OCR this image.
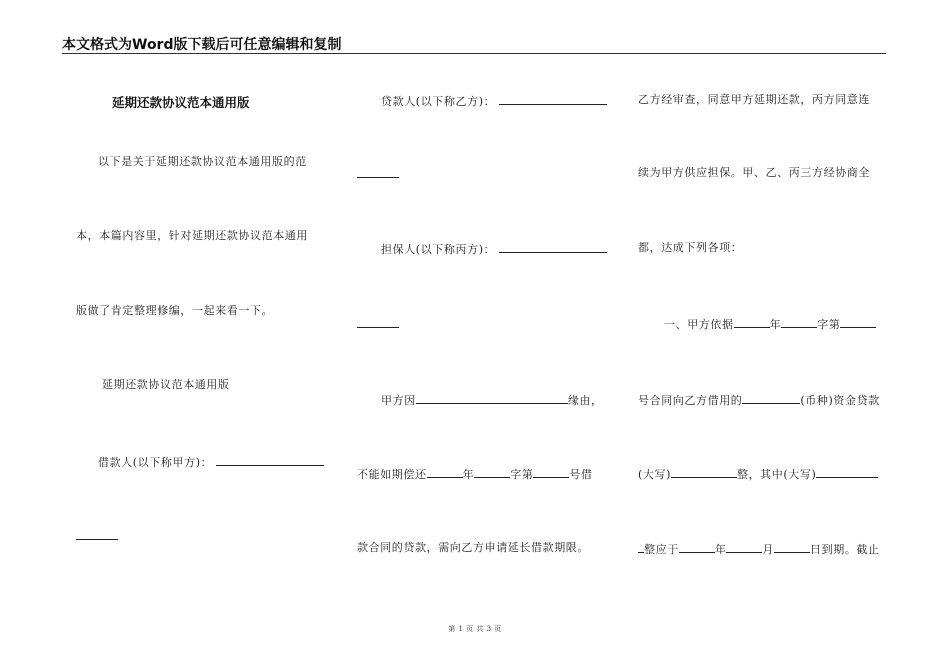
本文格式为Word版下载后可任意编辑和复制
延期还款协议范本通用版
以下是关于延期还款协议范本通用版的范
本，本篇内容里，针对延期还款协议范本通用
版做了肯定整理修编，一起来看一下。
延期还款协议范本通用版
借款人(以下称甲方)：
贷款人(以下称乙方)：
担保人(以下称丙方)：
甲方因	缘由，
不能如期偿还	年	字第	号借
款合同的贷款，需向乙方申请延长借款期限。
乙方经审查，同意甲方延期还款，丙方同意连
续为甲方供应担保。甲、乙、丙三方经协商全
都，达成下列各项：
一、甲方依据	年	字第
号合同向乙方借用的	(币种)资金贷款
(大写)	整，其中(大写)
整应于	年	月	日到期。截止
第 1 页 共 3 页
